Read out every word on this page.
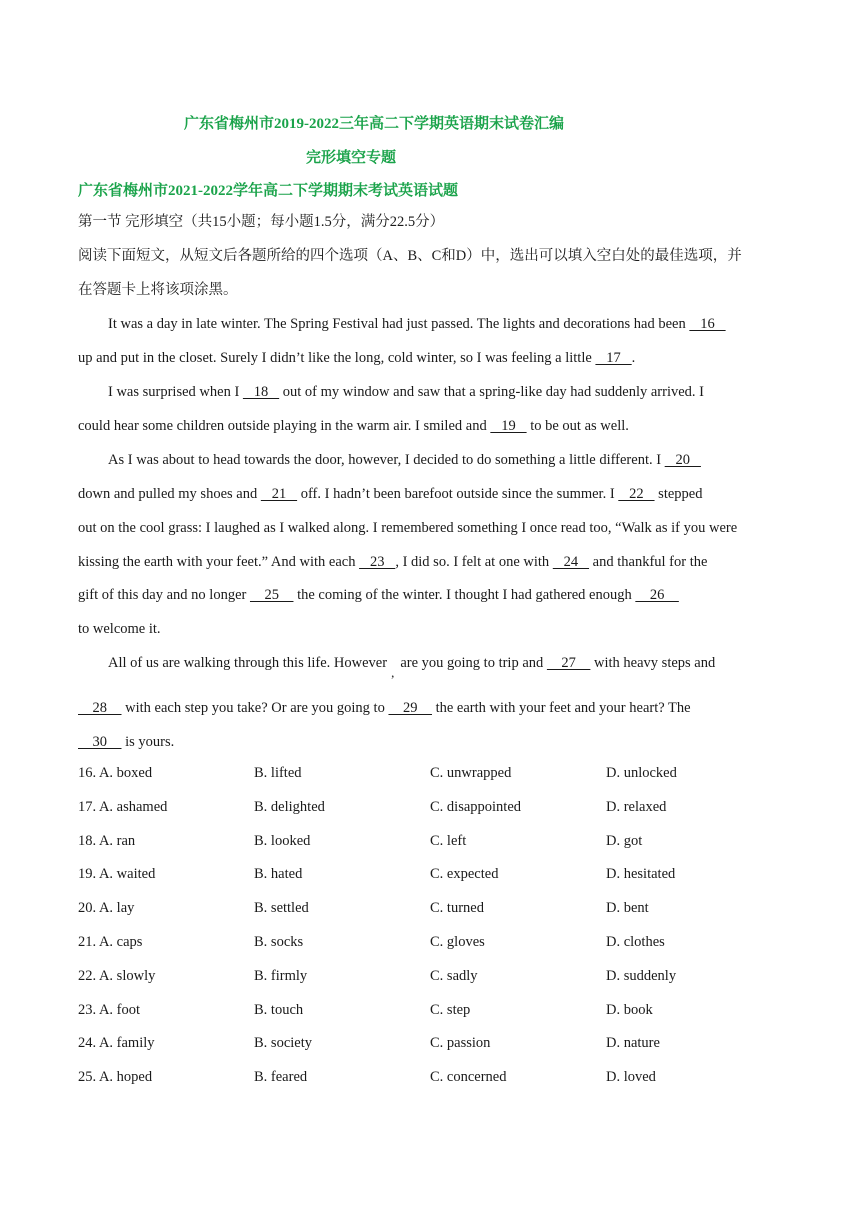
广东省梅州市2019-2022三年高二下学期英语期末试卷汇编
完形填空专题
广东省梅州市2021-2022学年高二下学期期末考试英语试题
第一节 完形填空（共15小题；每小题1.5分，满分22.5分）
阅读下面短文，从短文后各题所给的四个选项（A、B、C和D）中，选出可以填入空白处的最佳选项，并
在答题卡上将该项涂黑。
It was a day in late winter. The Spring Festival had just passed. The lights and decorations had been    16
up and put in the closet. Surely I didn’t like the long, cold winter, so I was feeling a little    17   .
I was surprised when I    18    out of my window and saw that a spring-like day had suddenly arrived. I
could hear some children outside playing in the warm air. I smiled and    19    to be out as well.
As I was about to head towards the door, however, I decided to do something a little different. I    20
down and pulled my shoes and    21    off. I hadn’t been barefoot outside since the summer. I    22    stepped
out on the cool grass: I laughed as I walked along. I remembered something I once read too, “Walk as if you were
kissing the earth with your feet.” And with each    23   , I did so. I felt at one with    24    and thankful for the
gift of this day and no longer     25     the coming of the winter. I thought I had gathered enough     26
to welcome it.
All of us are walking through this life. However,are you going to trip and     27     with heavy steps and
28     with each step you take? Or are you going to     29     the earth with your feet and your heart? The
30     is yours.
16. A. boxed	B. lifted	C. unwrapped	D. unlocked
17. A. ashamed	B. delighted	C. disappointed	D. relaxed
18. A. ran	B. looked	C. left	D. got
19. A. waited	B. hated	C. expected	D. hesitated
20. A. lay	B. settled	C. turned	D. bent
21. A. caps	B. socks	C. gloves	D. clothes
22. A. slowly	B. firmly	C. sadly	D. suddenly
23. A. foot	B. touch	C. step	D. book
24. A. family	B. society	C. passion	D. nature
25. A. hoped	B. feared	C. concerned	D. loved
